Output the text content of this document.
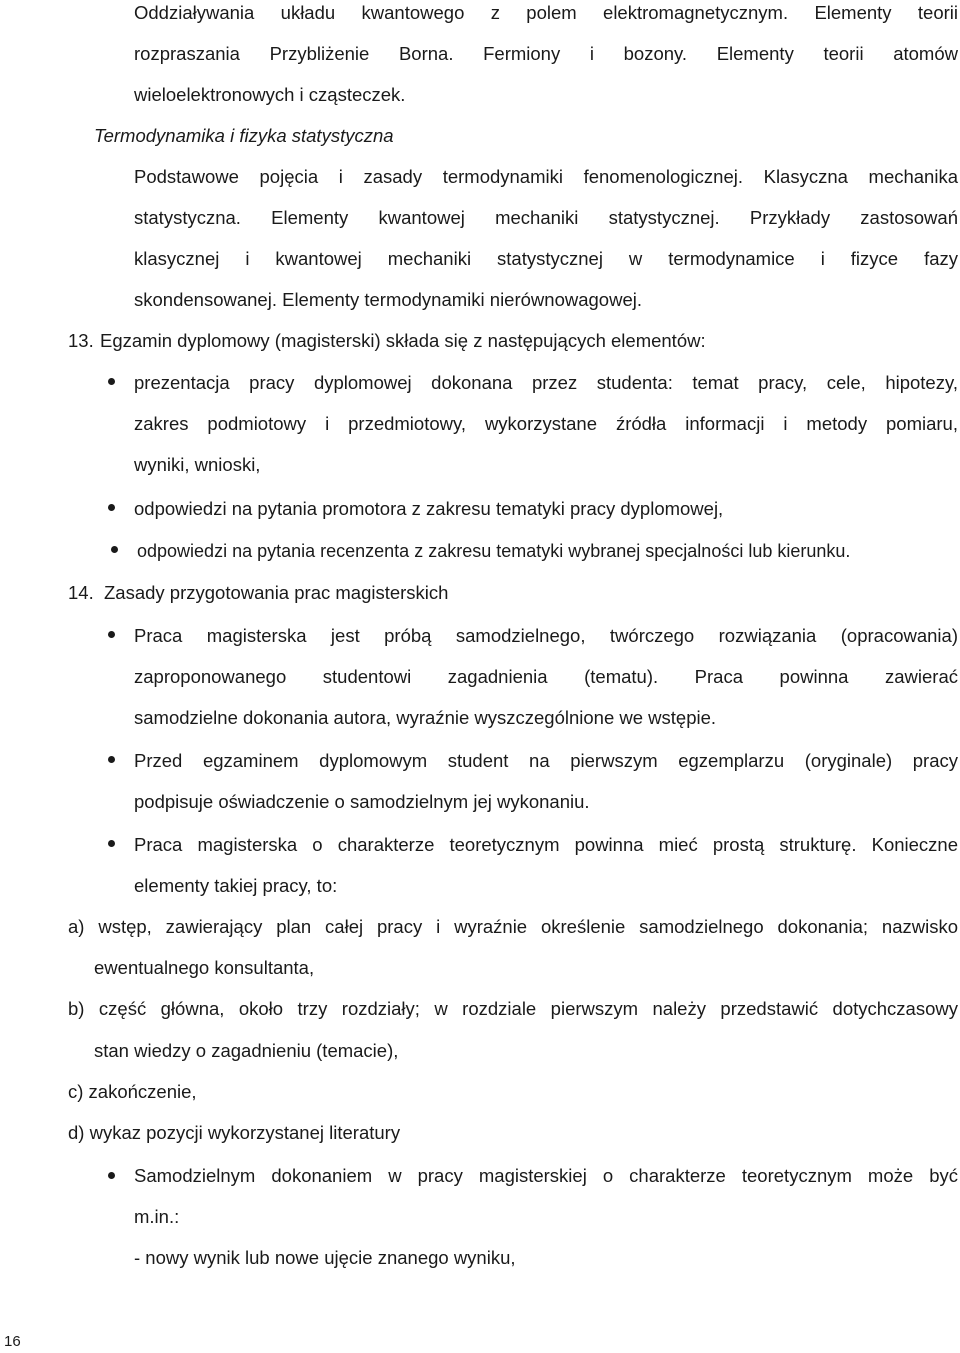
Oddziaływania układu kwantowego z polem elektromagnetycznym. Elementy teorii
rozpraszania Przybliżenie Borna. Fermiony i bozony. Elementy teorii atomów
wieloelektronowych i cząsteczek.
Termodynamika i fizyka statystyczna
Podstawowe pojęcia i zasady termodynamiki fenomenologicznej. Klasyczna mechanika
statystyczna. Elementy kwantowej mechaniki statystycznej. Przykłady zastosowań
klasycznej i kwantowej mechaniki statystycznej w termodynamice i fizyce fazy
skondensowanej. Elementy termodynamiki nierównowagowej.
13. Egzamin dyplomowy (magisterski) składa się z następujących elementów:
prezentacja pracy dyplomowej dokonana przez studenta: temat pracy, cele, hipotezy,
zakres podmiotowy i przedmiotowy, wykorzystane źródła informacji i metody pomiaru,
wyniki, wnioski,
odpowiedzi na pytania promotora z zakresu tematyki pracy dyplomowej,
odpowiedzi na pytania recenzenta z zakresu tematyki wybranej specjalności lub kierunku.
14. Zasady przygotowania prac magisterskich
Praca magisterska jest próbą samodzielnego, twórczego rozwiązania (opracowania)
zaproponowanego studentowi zagadnienia (tematu). Praca powinna zawierać
samodzielne dokonania autora, wyraźnie wyszczególnione we wstępie.
Przed egzaminem dyplomowym student na pierwszym egzemplarzu (oryginale) pracy
podpisuje oświadczenie o samodzielnym jej wykonaniu.
Praca magisterska o charakterze teoretycznym powinna mieć prostą strukturę. Konieczne
elementy takiej pracy, to:
a) wstęp, zawierający plan całej pracy i wyraźnie określenie samodzielnego dokonania; nazwisko
ewentualnego konsultanta,
b) część główna, około trzy rozdziały; w rozdziale pierwszym należy przedstawić dotychczasowy
stan wiedzy o zagadnieniu (temacie),
c) zakończenie,
d) wykaz pozycji wykorzystanej literatury
Samodzielnym dokonaniem w pracy magisterskiej o charakterze teoretycznym może być
m.in.:
- nowy wynik lub nowe ujęcie znanego wyniku,
16
